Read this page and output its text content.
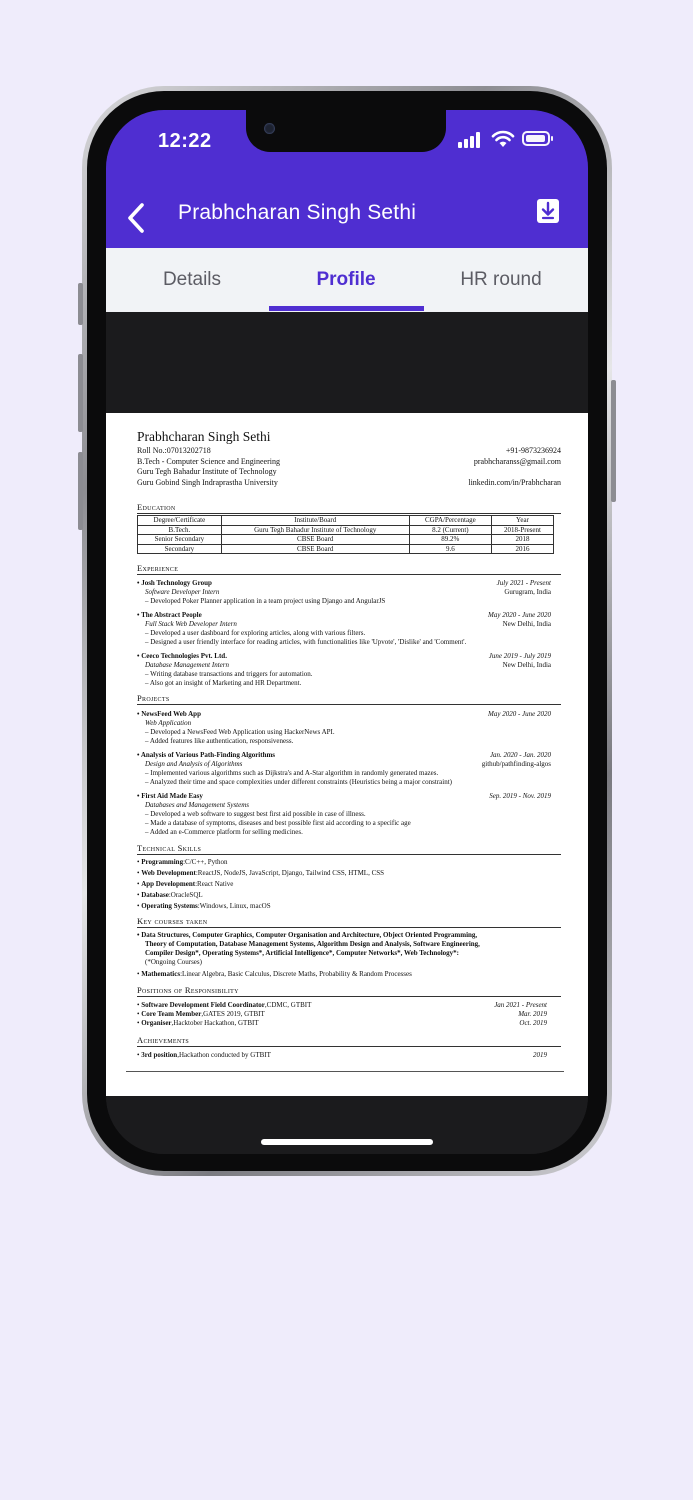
12:22
Prabhcharan Singh Sethi
Details	Profile	HR round
Prabhcharan Singh Sethi
Roll No.:07013202718
B.Tech - Computer Science and Engineering
Guru Tegh Bahadur Institute of Technology
Guru Gobind Singh Indraprastha University
+91-9873236924
prabhcharanss@gmail.com
linkedin.com/in/Prabhcharan
Education
Degree/Certificate	Institute/Board	CGPA/Percentage	Year
B.Tech.	Guru Tegh Bahadur Institute of Technology	8.2 (Current)	2018-Present
Senior Secondary	CBSE Board	89.2%	2018
Secondary	CBSE Board	9.6	2016
Experience
• Josh Technology Group	July 2021 - Present
Software Developer Intern	Gurugram, India
– Developed Poker Planner application in a team project using Django and AngularJS
• The Abstract People	May 2020 - June 2020
Full Stack Web Developer Intern	New Delhi, India
– Developed a user dashboard for exploring articles, along with various filters.
– Designed a user friendly interface for reading articles, with functionalities like 'Upvote', 'Dislike' and 'Comment'.
• Ceeco Technologies Pvt. Ltd.	June 2019 - July 2019
Database Management Intern	New Delhi, India
– Writing database transactions and triggers for automation.
– Also got an insight of Marketing and HR Department.
Projects
• NewsFeed Web App	May 2020 - June 2020
Web Application
– Developed a NewsFeed Web Application using HackerNews API.
– Added features like authentication, responsiveness.
• Analysis of Various Path-Finding Algorithms	Jan. 2020 - Jan. 2020
Design and Analysis of Algorithms	github/pathfinding-algos
– Implemented various algorithms such as Dijkstra's and A-Star algorithm in randomly generated mazes.
– Analyzed their time and space complexities under different constraints (Heuristics being a major constraint)
• First Aid Made Easy	Sep. 2019 - Nov. 2019
Databases and Management Systems
– Developed a web software to suggest best first aid possible in case of illness.
– Made a database of symptoms, diseases and best possible first aid according to a specific age
– Added an e-Commerce platform for selling medicines.
Technical Skills
• Programming:C/C++, Python
• Web Development:ReactJS, NodeJS, JavaScript, Django, Tailwind CSS, HTML, CSS
• App Development:React Native
• Database:OracleSQL
• Operating Systems:Windows, Linux, macOS
Key courses taken
• Data Structures, Computer Graphics, Computer Organisation and Architecture, Object Oriented Programming,
Theory of Computation, Database Management Systems, Algorithm Design and Analysis, Software Engineering,
Compiler Design*, Operating Systems*, Artificial Intelligence*, Computer Networks*, Web Technology*:
(*Ongoing Courses)
• Mathematics:Linear Algebra, Basic Calculus, Discrete Maths, Probability & Random Processes
Positions of Responsibility
• Software Development Field Coordinator,CDMC, GTBIT	Jan 2021 - Present
• Core Team Member,GATES 2019, GTBIT	Mar. 2019
• Organiser,Hacktober Hackathon, GTBIT	Oct. 2019
Achievements
• 3rd position,Hackathon conducted by GTBIT	2019
